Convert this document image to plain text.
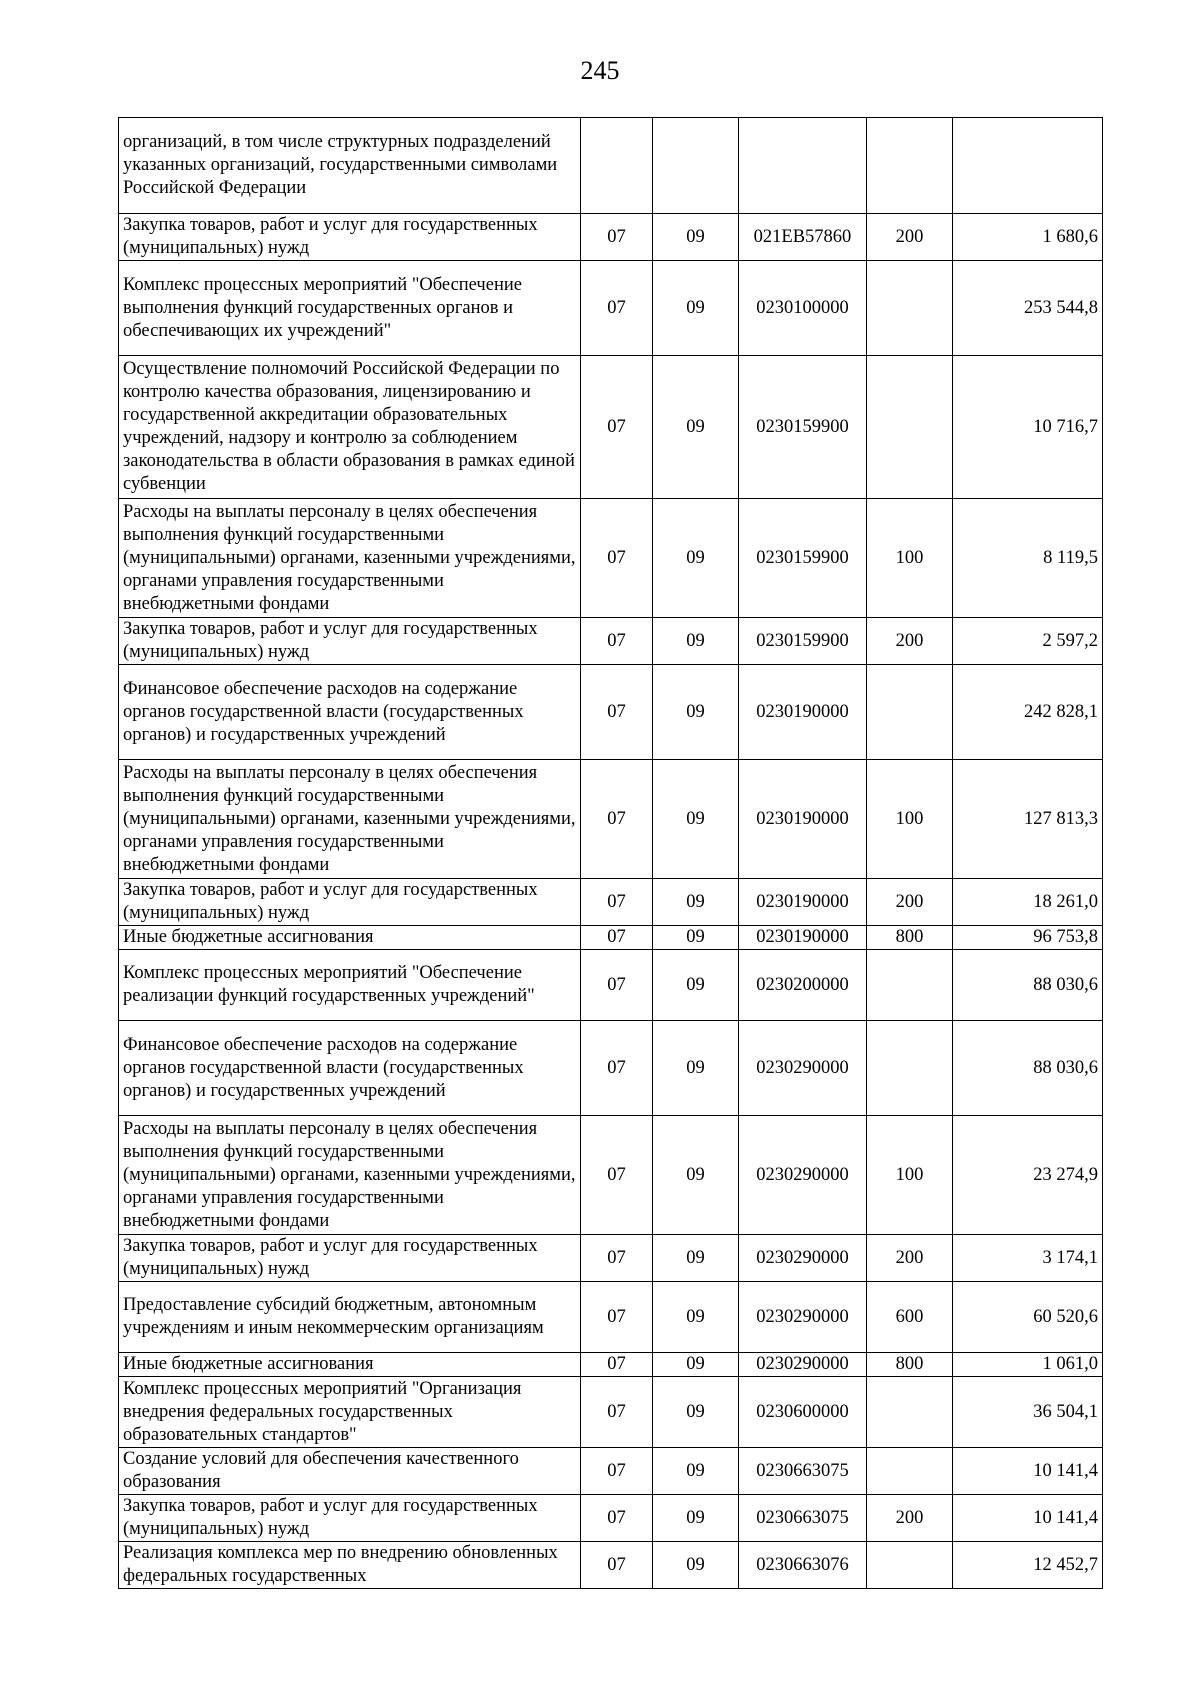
245
организаций, в том числе структурных подразделений указанных организаций, государственными символами Российской Федерации					
Закупка товаров, работ и услуг для государственных (муниципальных) нужд	07	09	021EB57860	200	1 680,6
Комплекс процессных мероприятий "Обеспечение выполнения функций государственных органов и обеспечивающих их учреждений"	07	09	0230100000		253 544,8
Осуществление полномочий Российской Федерации по контролю качества образования, лицензированию и государственной аккредитации образовательных учреждений, надзору и контролю за соблюдением законодательства в области образования в рамках единой субвенции	07	09	0230159900		10 716,7
Расходы на выплаты персоналу в целях обеспечения выполнения функций государственными (муниципальными) органами, казенными учреждениями, органами управления государственными внебюджетными фондами	07	09	0230159900	100	8 119,5
Закупка товаров, работ и услуг для государственных (муниципальных) нужд	07	09	0230159900	200	2 597,2
Финансовое обеспечение расходов на содержание органов государственной власти (государственных органов) и государственных учреждений	07	09	0230190000		242 828,1
Расходы на выплаты персоналу в целях обеспечения выполнения функций государственными (муниципальными) органами, казенными учреждениями, органами управления государственными внебюджетными фондами	07	09	0230190000	100	127 813,3
Закупка товаров, работ и услуг для государственных (муниципальных) нужд	07	09	0230190000	200	18 261,0
Иные бюджетные ассигнования	07	09	0230190000	800	96 753,8
Комплекс процессных мероприятий "Обеспечение реализации функций государственных учреждений"	07	09	0230200000		88 030,6
Финансовое обеспечение расходов на содержание органов государственной власти (государственных органов) и государственных учреждений	07	09	0230290000		88 030,6
Расходы на выплаты персоналу в целях обеспечения выполнения функций государственными (муниципальными) органами, казенными учреждениями, органами управления государственными внебюджетными фондами	07	09	0230290000	100	23 274,9
Закупка товаров, работ и услуг для государственных (муниципальных) нужд	07	09	0230290000	200	3 174,1
Предоставление субсидий бюджетным, автономным учреждениям и иным некоммерческим организациям	07	09	0230290000	600	60 520,6
Иные бюджетные ассигнования	07	09	0230290000	800	1 061,0
Комплекс процессных мероприятий "Организация внедрения федеральных государственных образовательных стандартов"	07	09	0230600000		36 504,1
Создание условий для обеспечения качественного образования	07	09	0230663075		10 141,4
Закупка товаров, работ и услуг для государственных (муниципальных) нужд	07	09	0230663075	200	10 141,4
Реализация комплекса мер по внедрению обновленных федеральных государственных	07	09	0230663076		12 452,7
